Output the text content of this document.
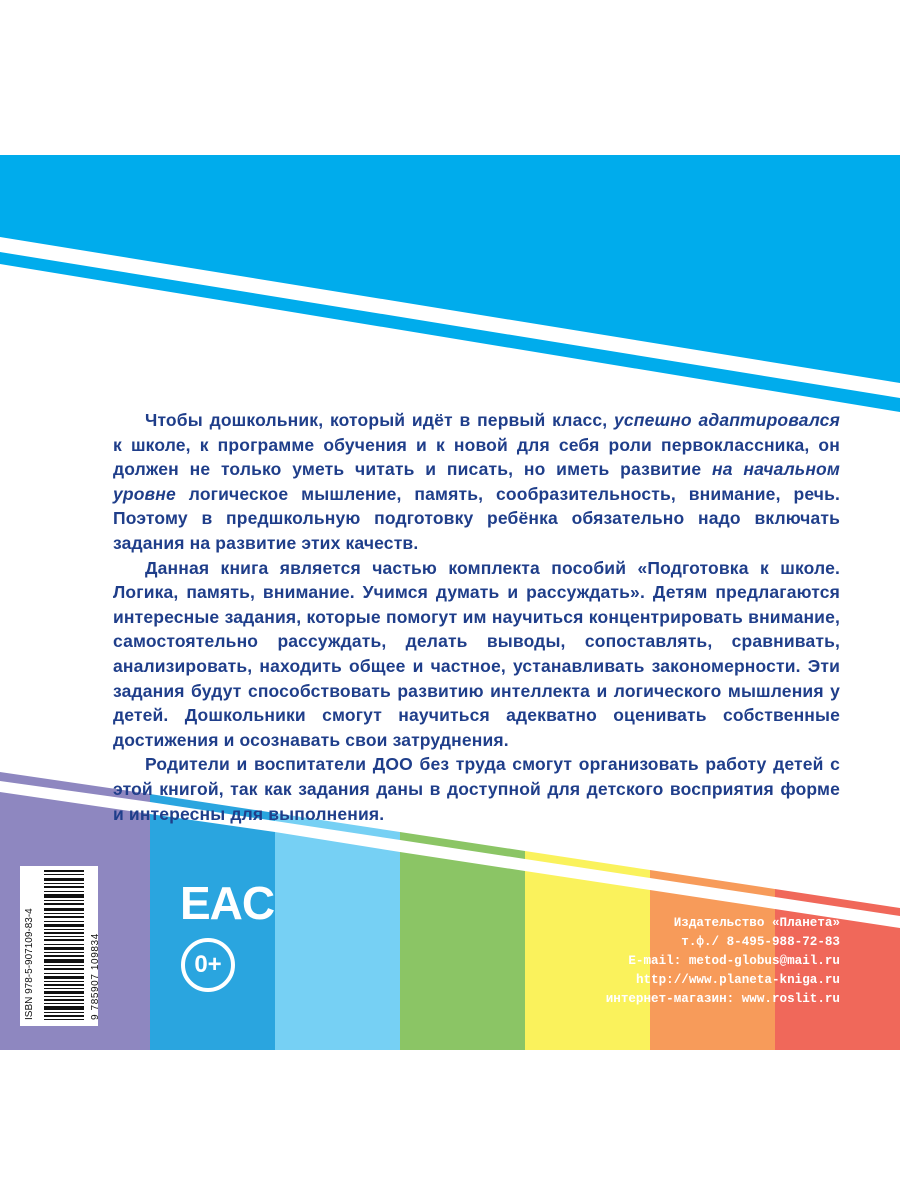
Чтобы дошкольник, который идёт в первый класс, успешно адаптировался к школе, к программе обучения и к новой для себя роли первоклассника, он должен не только уметь читать и писать, но иметь развитие на начальном уровне логическое мышление, память, сообразительность, внимание, речь. Поэтому в предшкольную подготовку ребёнка обязательно надо включать задания на развитие этих качеств.

Данная книга является частью комплекта пособий «Подготовка к школе. Логика, память, внимание. Учимся думать и рассуждать». Детям предлагаются интересные задания, которые помогут им научиться концентрировать внимание, самостоятельно рассуждать, делать выводы, сопоставлять, сравнивать, анализировать, находить общее и частное, устанавливать закономерности. Эти задания будут способствовать развитию интеллекта и логического мышления у детей. Дошкольники смогут научиться адекватно оценивать собственные достижения и осознавать свои затруднения.

Родители и воспитатели ДОО без труда смогут организовать работу детей с этой книгой, так как задания даны в доступной для детского восприятия форме и интересны для выполнения.

ISBN 978-5-907109-83-4	9 785907 109834
EAC
0+
Издательство «Планета»
т.ф./ 8-495-988-72-83
E-mail: metod-globus@mail.ru
http://www.planeta-kniga.ru
интернет-магазин: www.roslit.ru
